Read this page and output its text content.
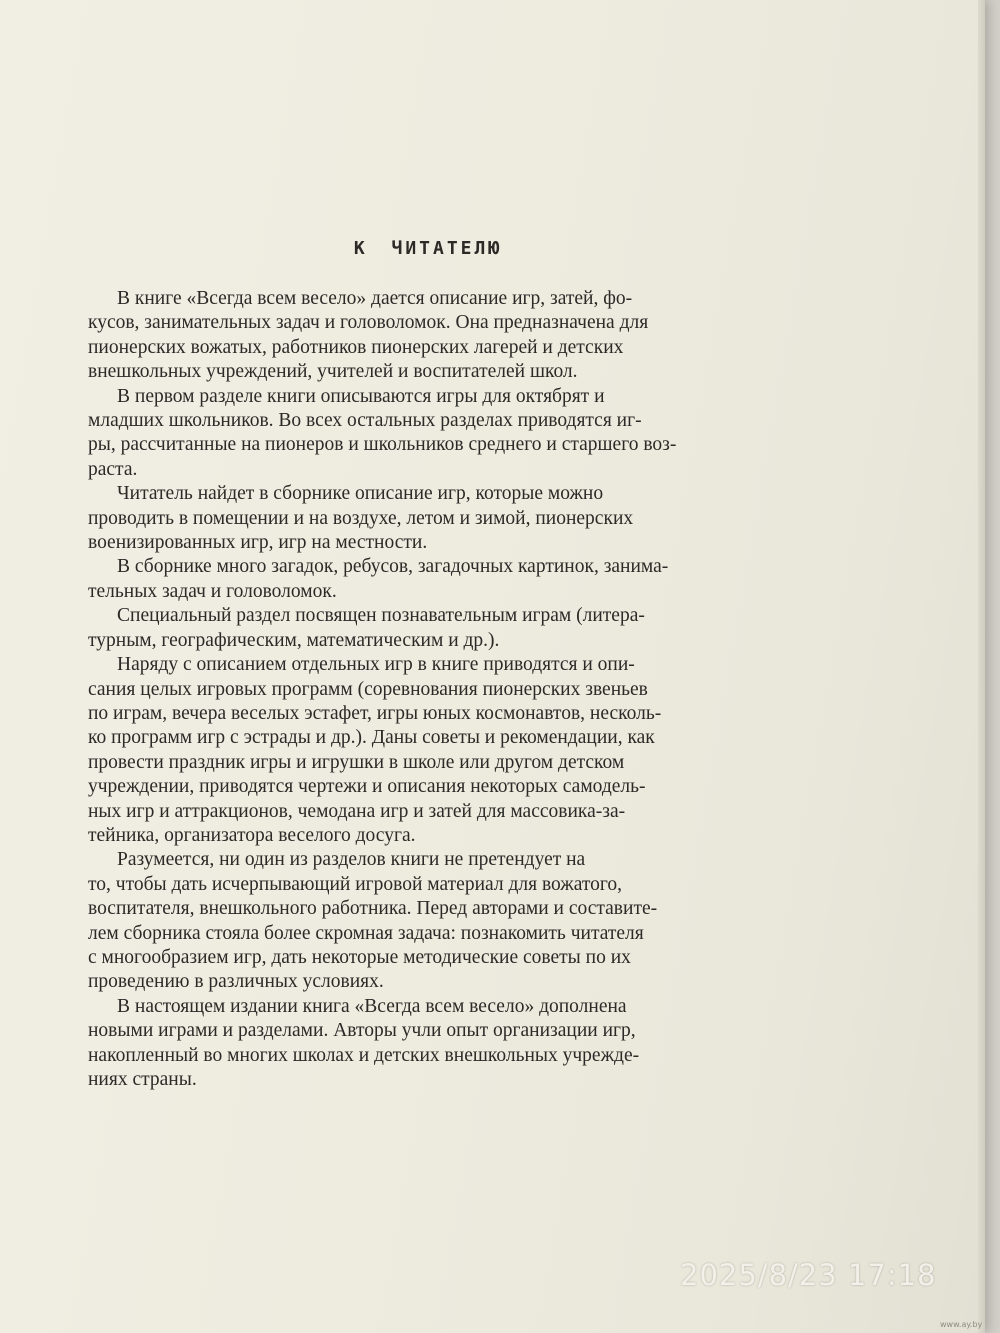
К ЧИТАТЕЛЮ

В книге «Всегда всем весело» дается описание игр, затей, фо-
кусов, занимательных задач и головоломок. Она предназначена для
пионерских вожатых, работников пионерских лагерей и детских
внешкольных учреждений, учителей и воспитателей школ.

В первом разделе книги описываются игры для октябрят и
младших школьников. Во всех остальных разделах приводятся иг-
ры, рассчитанные на пионеров и школьников среднего и старшего воз-
раста.

Читатель найдет в сборнике описание игр, которые можно
проводить в помещении и на воздухе, летом и зимой, пионерских
военизированных игр, игр на местности.

В сборнике много загадок, ребусов, загадочных картинок, занима-
тельных задач и головоломок.

Специальный раздел посвящен познавательным играм (литера-
турным, географическим, математическим и др.).

Наряду с описанием отдельных игр в книге приводятся и опи-
сания целых игровых программ (соревнования пионерских звеньев
по играм, вечера веселых эстафет, игры юных космонавтов, несколь-
ко программ игр с эстрады и др.). Даны советы и рекомендации, как
провести праздник игры и игрушки в школе или другом детском
учреждении, приводятся чертежи и описания некоторых самодель-
ных игр и аттракционов, чемодана игр и затей для массовика-за-
тейника, организатора веселого досуга.

Разумеется, ни один из разделов книги не претендует на
то, чтобы дать исчерпывающий игровой материал для вожатого,
воспитателя, внешкольного работника. Перед авторами и составите-
лем сборника стояла более скромная задача: познакомить читателя
с многообразием игр, дать некоторые методические советы по их
проведению в различных условиях.

В настоящем издании книга «Всегда всем весело» дополнена
новыми играми и разделами. Авторы учли опыт организации игр,
накопленный во многих школах и детских внешкольных учрежде-
ниях страны.

2025/8/23 17:18
www.ay.by
